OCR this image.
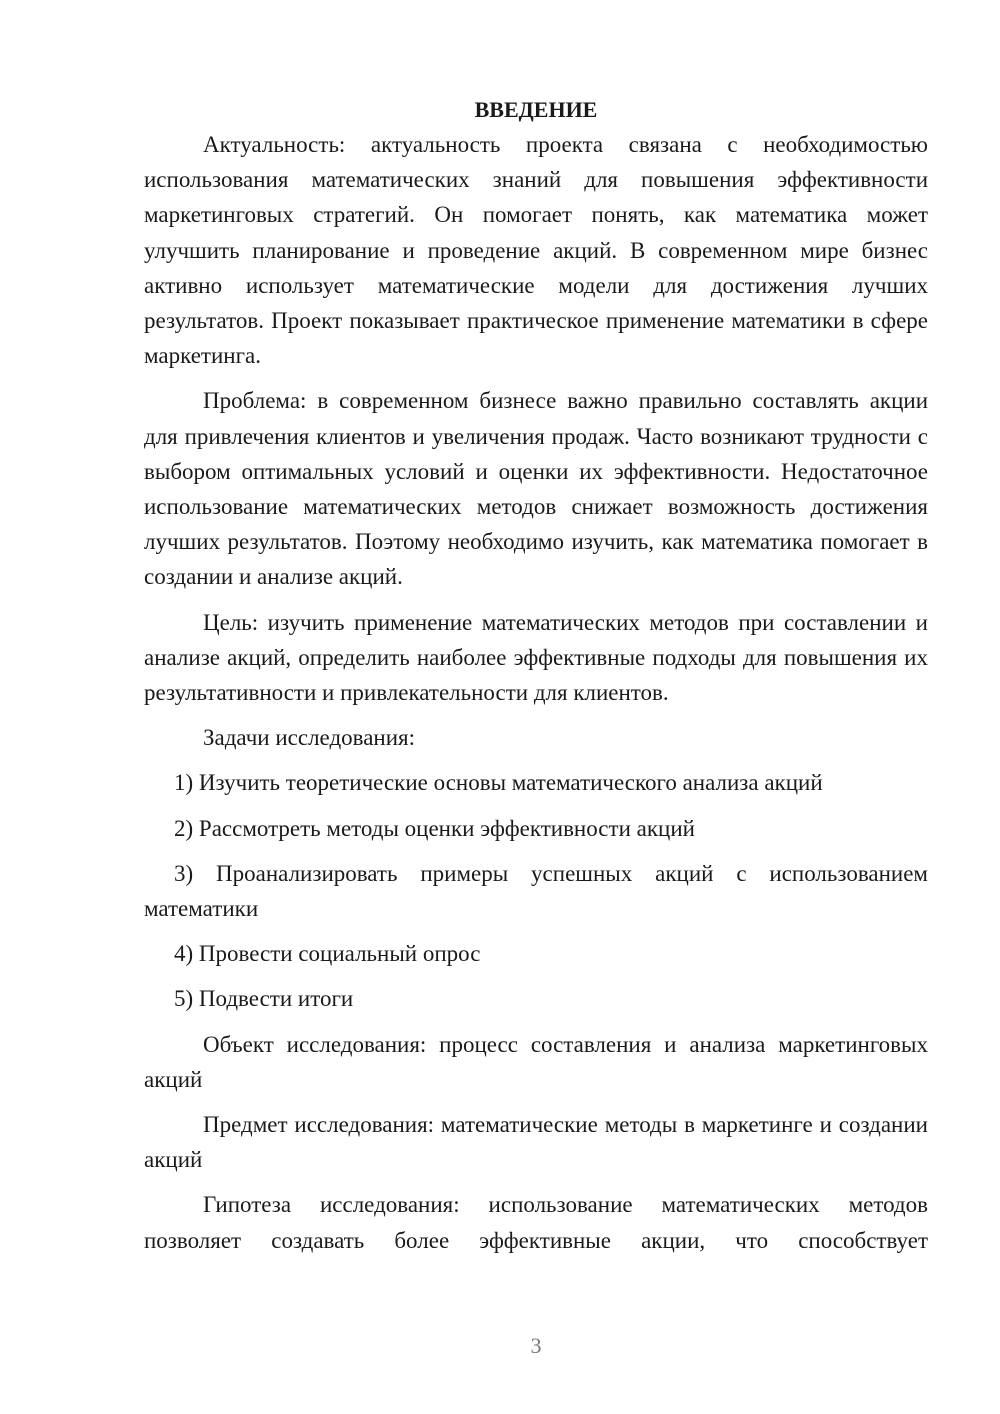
ВВЕДЕНИЕ

Актуальность: актуальность проекта связана с необходимостью использования математических знаний для повышения эффективности маркетинговых стратегий. Он помогает понять, как математика может улучшить планирование и проведение акций. В современном мире бизнес активно использует математические модели для достижения лучших результатов. Проект показывает практическое применение математики в сфере маркетинга.

Проблема: в современном бизнесе важно правильно составлять акции для привлечения клиентов и увеличения продаж. Часто возникают трудности с выбором оптимальных условий и оценки их эффективности. Недостаточное использование математических методов снижает возможность достижения лучших результатов. Поэтому необходимо изучить, как математика помогает в создании и анализе акций.

Цель: изучить применение математических методов при составлении и анализе акций, определить наиболее эффективные подходы для повышения их результативности и привлекательности для клиентов.

Задачи исследования:

1) Изучить теоретические основы математического анализа акций

2) Рассмотреть методы оценки эффективности акций

3) Проанализировать примеры успешных акций с использованием математики

4) Провести социальный опрос

5) Подвести итоги

Объект исследования: процесс составления и анализа маркетинговых акций

Предмет исследования: математические методы в маркетинге и создании акций

Гипотеза исследования: использование математических методов позволяет создавать более эффективные акции, что способствует

3
